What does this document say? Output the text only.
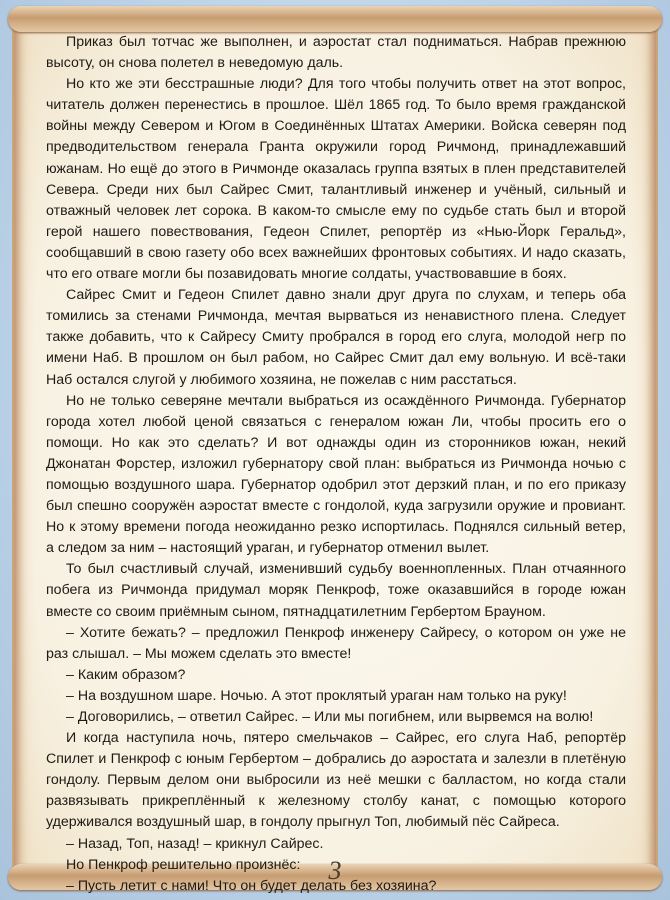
Приказ был тотчас же выполнен, и аэростат стал подниматься. Набрав прежнюю высоту, он снова полетел в неведомую даль.

Но кто же эти бесстрашные люди? Для того чтобы получить ответ на этот вопрос, читатель должен перенестись в прошлое. Шёл 1865 год. То было время гражданской войны между Севером и Югом в Соединённых Штатах Америки. Войска северян под предводительством генерала Гранта окружили город Ричмонд, принадлежавший южанам. Но ещё до этого в Ричмонде оказалась группа взятых в плен представителей Севера. Среди них был Сайрес Смит, талантливый инженер и учёный, сильный и отважный человек лет сорока. В каком-то смысле ему по судьбе стать был и второй герой нашего повествования, Гедеон Спилет, репортёр из «Нью-Йорк Геральд», сообщавший в свою газету обо всех важнейших фронтовых событиях. И надо сказать, что его отваге могли бы позавидовать многие солдаты, участвовавшие в боях.

Сайрес Смит и Гедеон Спилет давно знали друг друга по слухам, и теперь оба томились за стенами Ричмонда, мечтая вырваться из ненавистного плена. Следует также добавить, что к Сайресу Смиту пробрался в город его слуга, молодой негр по имени Наб. В прошлом он был рабом, но Сайрес Смит дал ему вольную. И всё-таки Наб остался слугой у любимого хозяина, не пожелав с ним расстаться.

Но не только северяне мечтали выбраться из осаждённого Ричмонда. Губернатор города хотел любой ценой связаться с генералом южан Ли, чтобы просить его о помощи. Но как это сделать? И вот однажды один из сторонников южан, некий Джонатан Форстер, изложил губернатору свой план: выбраться из Ричмонда ночью с помощью воздушного шара. Губернатор одобрил этот дерзкий план, и по его приказу был спешно сооружён аэростат вместе с гондолой, куда загрузили оружие и провиант. Но к этому времени погода неожиданно резко испортилась. Поднялся сильный ветер, а следом за ним – настоящий ураган, и губернатор отменил вылет.

То был счастливый случай, изменивший судьбу военнопленных. План отчаянного побега из Ричмонда придумал моряк Пенкроф, тоже оказавшийся в городе южан вместе со своим приёмным сыном, пятнадцатилетним Гербертом Брауном.

– Хотите бежать? – предложил Пенкроф инженеру Сайресу, о котором он уже не раз слышал. – Мы можем сделать это вместе!

– Каким образом?

– На воздушном шаре. Ночью. А этот проклятый ураган нам только на руку!

– Договорились, – ответил Сайрес. – Или мы погибнем, или вырвемся на волю!

И когда наступила ночь, пятеро смельчаков – Сайрес, его слуга Наб, репортёр Спилет и Пенкроф с юным Гербертом – добрались до аэростата и залезли в плетёную гондолу. Первым делом они выбросили из неё мешки с балластом, но когда стали развязывать прикреплённый к железному столбу канат, с помощью которого удерживался воздушный шар, в гондолу прыгнул Топ, любимый пёс Сайреса.

– Назад, Топ, назад! – крикнул Сайрес.

Но Пенкроф решительно произнёс:

– Пусть летит с нами! Что он будет делать без хозяина?

3
